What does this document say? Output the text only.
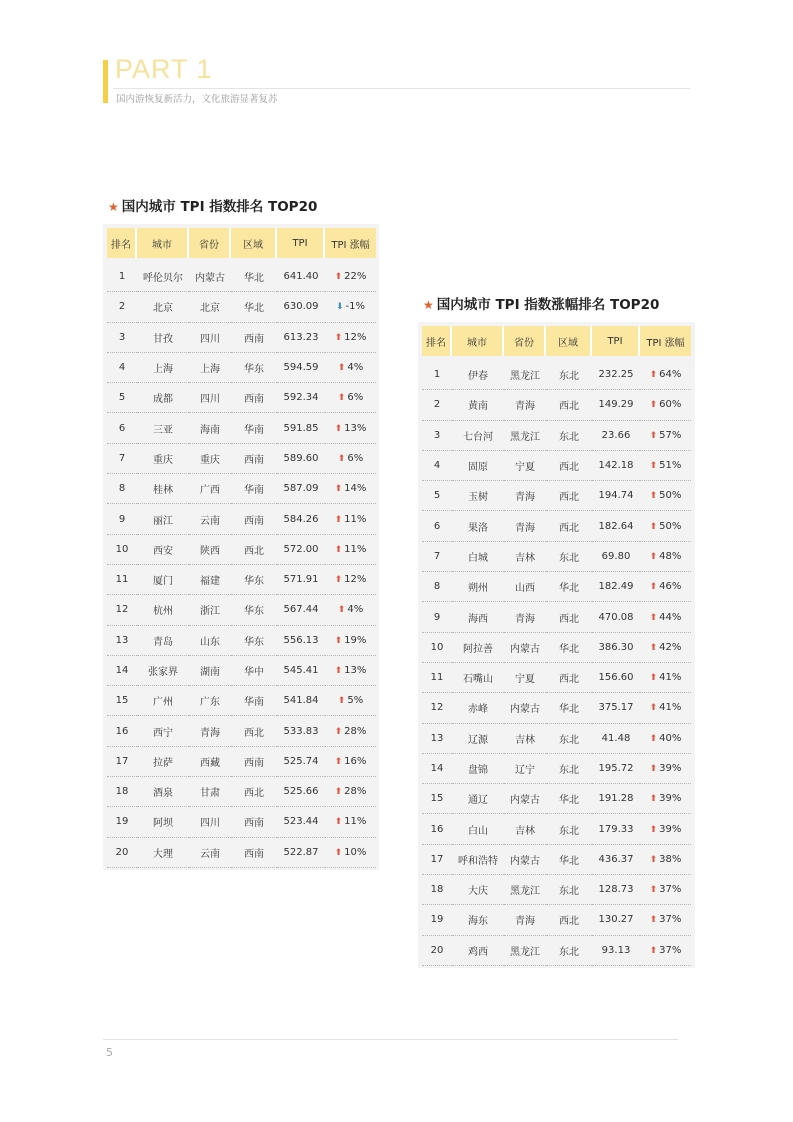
PART 1
国内游恢复新活力，文化旅游显著复苏
★ 国内城市 TPI 指数排名 TOP20
排名	城市	省份	区域	TPI	TPI 涨幅
1	呼伦贝尔	内蒙古	华北	641.40	⬆ 22%
2	北京	北京	华北	630.09	⬇ -1%
3	甘孜	四川	西南	613.23	⬆ 12%
4	上海	上海	华东	594.59	⬆ 4%
5	成都	四川	西南	592.34	⬆ 6%
6	三亚	海南	华南	591.85	⬆ 13%
7	重庆	重庆	西南	589.60	⬆ 6%
8	桂林	广西	华南	587.09	⬆ 14%
9	丽江	云南	西南	584.26	⬆ 11%
10	西安	陕西	西北	572.00	⬆ 11%
11	厦门	福建	华东	571.91	⬆ 12%
12	杭州	浙江	华东	567.44	⬆ 4%
13	青岛	山东	华东	556.13	⬆ 19%
14	张家界	湖南	华中	545.41	⬆ 13%
15	广州	广东	华南	541.84	⬆ 5%
16	西宁	青海	西北	533.83	⬆ 28%
17	拉萨	西藏	西南	525.74	⬆ 16%
18	酒泉	甘肃	西北	525.66	⬆ 28%
19	阿坝	四川	西南	523.44	⬆ 11%
20	大理	云南	西南	522.87	⬆ 10%
★ 国内城市 TPI 指数涨幅排名 TOP20
排名	城市	省份	区域	TPI	TPI 涨幅
1	伊春	黑龙江	东北	232.25	⬆ 64%
2	黄南	青海	西北	149.29	⬆ 60%
3	七台河	黑龙江	东北	23.66	⬆ 57%
4	固原	宁夏	西北	142.18	⬆ 51%
5	玉树	青海	西北	194.74	⬆ 50%
6	果洛	青海	西北	182.64	⬆ 50%
7	白城	吉林	东北	69.80	⬆ 48%
8	朔州	山西	华北	182.49	⬆ 46%
9	海西	青海	西北	470.08	⬆ 44%
10	阿拉善	内蒙古	华北	386.30	⬆ 42%
11	石嘴山	宁夏	西北	156.60	⬆ 41%
12	赤峰	内蒙古	华北	375.17	⬆ 41%
13	辽源	吉林	东北	41.48	⬆ 40%
14	盘锦	辽宁	东北	195.72	⬆ 39%
15	通辽	内蒙古	华北	191.28	⬆ 39%
16	白山	吉林	东北	179.33	⬆ 39%
17	呼和浩特	内蒙古	华北	436.37	⬆ 38%
18	大庆	黑龙江	东北	128.73	⬆ 37%
19	海东	青海	西北	130.27	⬆ 37%
20	鸡西	黑龙江	东北	93.13	⬆ 37%
5
